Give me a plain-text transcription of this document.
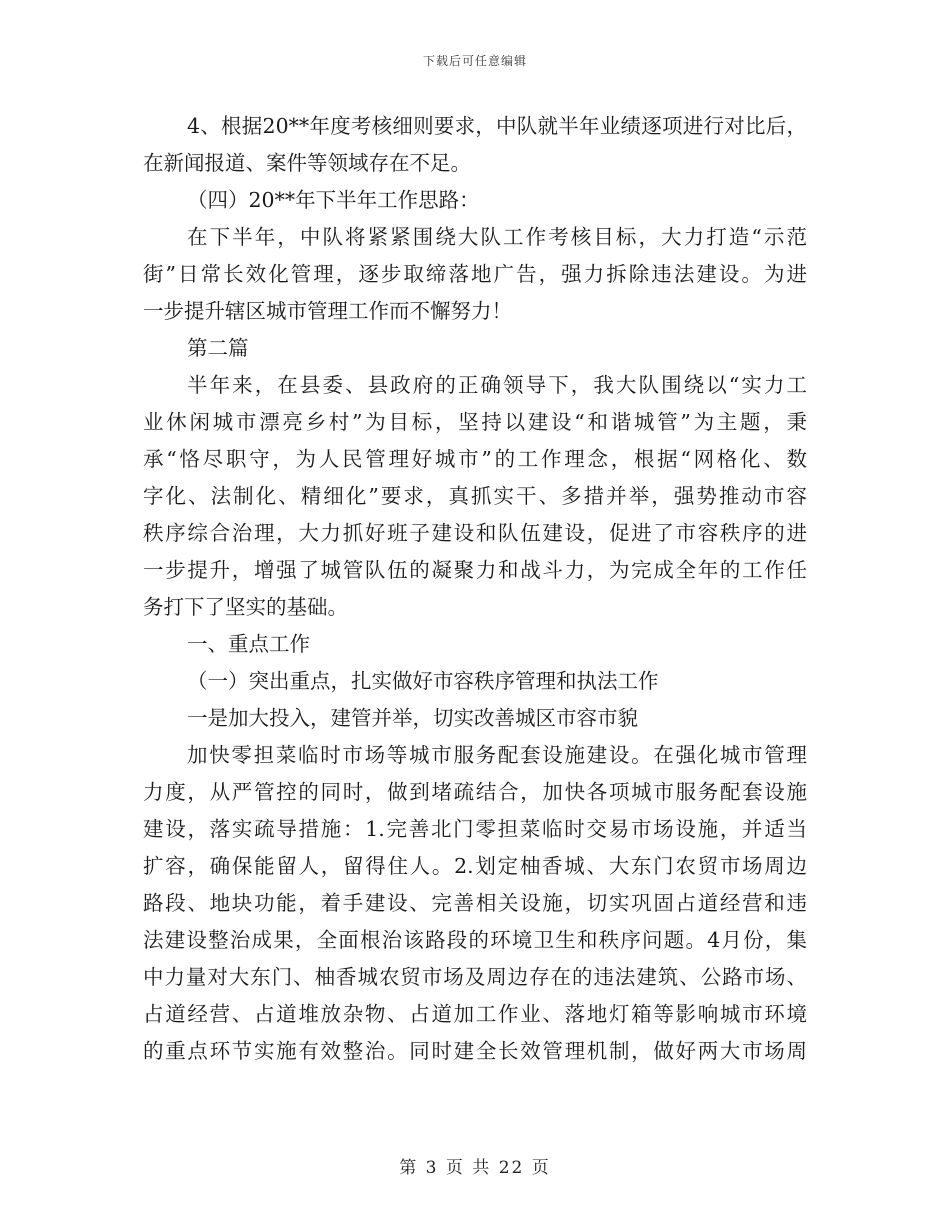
下载后可任意编辑
4、根据20**年度考核细则要求，中队就半年业绩逐项进行对比后，
在新闻报道、案件等领域存在不足。
（四）20**年下半年工作思路：
在下半年，中队将紧紧围绕大队工作考核目标，大力打造“示范
街”日常长效化管理，逐步取缔落地广告，强力拆除违法建设。为进
一步提升辖区城市管理工作而不懈努力！
第二篇
半年来，在县委、县政府的正确领导下，我大队围绕以“实力工
业休闲城市漂亮乡村”为目标，坚持以建设“和谐城管”为主题，秉
承“恪尽职守，为人民管理好城市”的工作理念，根据“网格化、数
字化、法制化、精细化”要求，真抓实干、多措并举，强势推动市容
秩序综合治理，大力抓好班子建设和队伍建设，促进了市容秩序的进
一步提升，增强了城管队伍的凝聚力和战斗力，为完成全年的工作任
务打下了坚实的基础。
一、重点工作
（一）突出重点，扎实做好市容秩序管理和执法工作
一是加大投入，建管并举，切实改善城区市容市貌
加快零担菜临时市场等城市服务配套设施建设。在强化城市管理
力度，从严管控的同时，做到堵疏结合，加快各项城市服务配套设施
建设，落实疏导措施：1.完善北门零担菜临时交易市场设施，并适当
扩容，确保能留人，留得住人。2.划定柚香城、大东门农贸市场周边
路段、地块功能，着手建设、完善相关设施，切实巩固占道经营和违
法建设整治成果，全面根治该路段的环境卫生和秩序问题。4月份，集
中力量对大东门、柚香城农贸市场及周边存在的违法建筑、公路市场、
占道经营、占道堆放杂物、占道加工作业、落地灯箱等影响城市环境
的重点环节实施有效整治。同时建全长效管理机制，做好两大市场周
第 3 页 共 22 页
